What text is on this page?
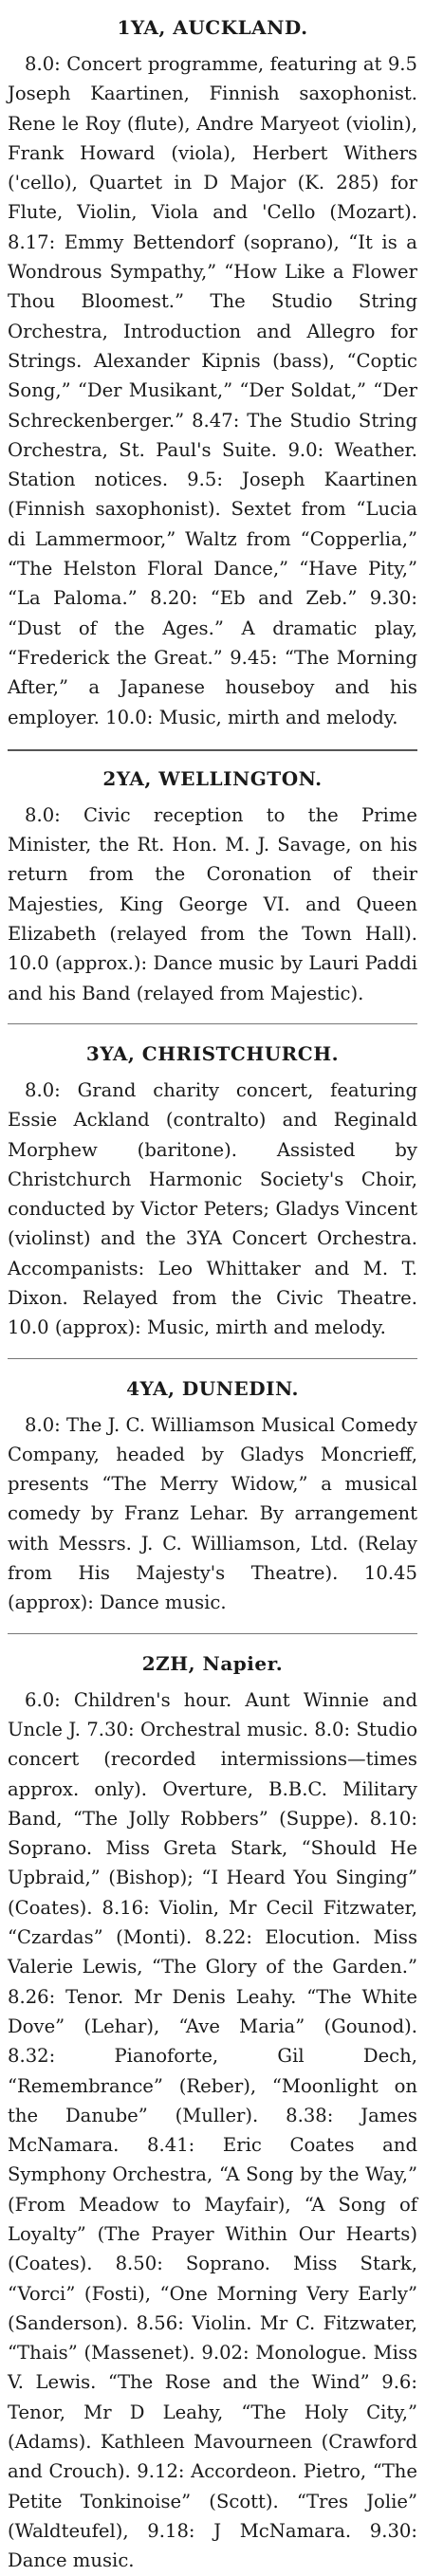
1YA, AUCKLAND.

8.0: Concert programme, featuring at 9.5 Joseph Kaartinen, Finnish saxophonist. Rene le Roy (flute), Andre Maryeot (violin), Frank Howard (viola), Herbert Withers ('cello), Quartet in D Major (K. 285) for Flute, Violin, Viola and 'Cello (Mozart). 8.17: Emmy Bettendorf (soprano), “It is a Wondrous Sympathy,” “How Like a Flower Thou Bloomest.” The Studio String Orchestra, Introduction and Allegro for Strings. Alexander Kipnis (bass), “Coptic Song,” “Der Musikant,” “Der Soldat,” “Der Schreckenberger.” 8.47: The Studio String Orchestra, St. Paul's Suite. 9.0: Weather. Station notices. 9.5: Joseph Kaartinen (Finnish saxophonist). Sextet from “Lucia di Lammermoor,” Waltz from “Copperlia,” “The Helston Floral Dance,” “Have Pity,” “La Paloma.” 8.20: “Eb and Zeb.” 9.30: “Dust of the Ages.” A dramatic play, “Frederick the Great.” 9.45: “The Morning After,” a Japanese houseboy and his employer. 10.0: Music, mirth and melody.

2YA, WELLINGTON.

8.0: Civic reception to the Prime Minister, the Rt. Hon. M. J. Savage, on his return from the Coronation of their Majesties, King George VI. and Queen Elizabeth (relayed from the Town Hall). 10.0 (approx.): Dance music by Lauri Paddi and his Band (relayed from Majestic).

3YA, CHRISTCHURCH.

8.0: Grand charity concert, featuring Essie Ackland (contralto) and Reginald Morphew (baritone). Assisted by Christchurch Harmonic Society's Choir, conducted by Victor Peters; Gladys Vincent (violinst) and the 3YA Concert Orchestra. Accompanists: Leo Whittaker and M. T. Dixon. Relayed from the Civic Theatre. 10.0 (approx): Music, mirth and melody.

4YA, DUNEDIN.

8.0: The J. C. Williamson Musical Comedy Company, headed by Gladys Moncrieff, presents “The Merry Widow,” a musical comedy by Franz Lehar. By arrangement with Messrs. J. C. Williamson, Ltd. (Relay from His Majesty's Theatre). 10.45 (approx): Dance music.

2ZH, Napier.

6.0: Children's hour. Aunt Winnie and Uncle J. 7.30: Orchestral music. 8.0: Studio concert (recorded intermissions—times approx. only). Overture, B.B.C. Military Band, “The Jolly Robbers” (Suppe). 8.10: Soprano. Miss Greta Stark, “Should He Upbraid,” (Bishop); “I Heard You Singing” (Coates). 8.16: Violin, Mr Cecil Fitzwater, “Czardas” (Monti). 8.22: Elocution. Miss Valerie Lewis, “The Glory of the Garden.” 8.26: Tenor. Mr Denis Leahy. “The White Dove” (Lehar), “Ave Maria” (Gounod). 8.32: Pianoforte, Gil Dech, “Remembrance” (Reber), “Moonlight on the Danube” (Muller). 8.38: James McNamara. 8.41: Eric Coates and Symphony Orchestra, “A Song by the Way,” (From Meadow to Mayfair), “A Song of Loyalty” (The Prayer Within Our Hearts) (Coates). 8.50: Soprano. Miss Stark, “Vorci” (Fosti), “One Morning Very Early” (Sanderson). 8.56: Violin. Mr C. Fitzwater, “Thais” (Massenet). 9.02: Monologue. Miss V. Lewis. “The Rose and the Wind” 9.6: Tenor, Mr D Leahy, “The Holy City,” (Adams). Kathleen Mavourneen (Crawford and Crouch). 9.12: Accordeon. Pietro, “The Petite Tonkinoise” (Scott). “Tres Jolie” (Waldteufel), 9.18: J McNamara. 9.30: Dance music.
